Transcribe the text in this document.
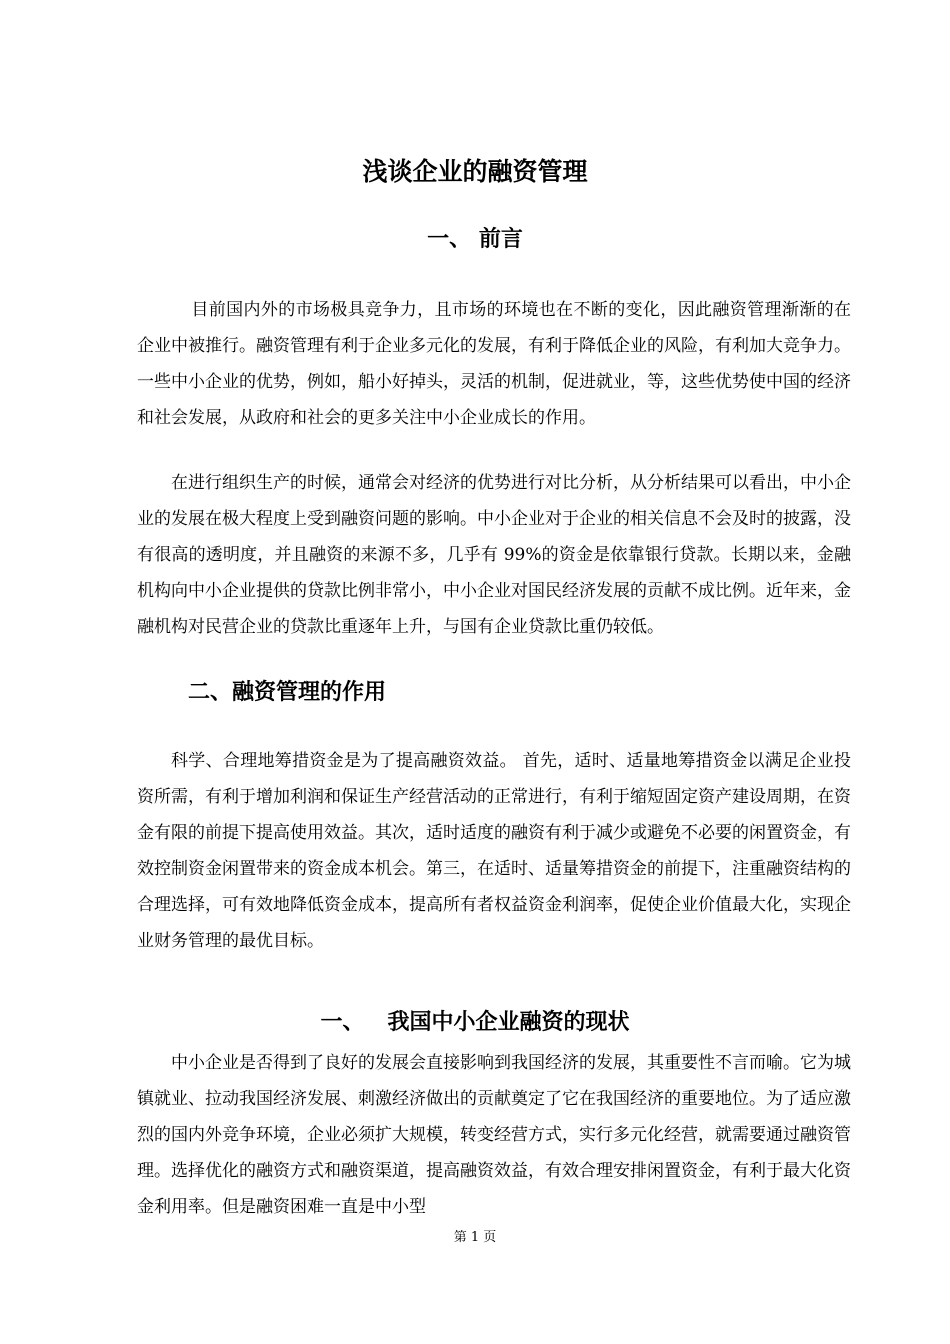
浅谈企业的融资管理
一、 前言

目前国内外的市场极具竞争力，且市场的环境也在不断的变化，因此融资管理渐渐的在企业中被推行。融资管理有利于企业多元化的发展，有利于降低企业的风险，有利加大竞争力。一些中小企业的优势，例如，船小好掉头，灵活的机制，促进就业，等，这些优势使中国的经济和社会发展，从政府和社会的更多关注中小企业成长的作用。

在进行组织生产的时候，通常会对经济的优势进行对比分析，从分析结果可以看出，中小企业的发展在极大程度上受到融资问题的影响。中小企业对于企业的相关信息不会及时的披露，没有很高的透明度，并且融资的来源不多，几乎有 99%的资金是依靠银行贷款。长期以来，金融机构向中小企业提供的贷款比例非常小，中小企业对国民经济发展的贡献不成比例。近年来，金融机构对民营企业的贷款比重逐年上升，与国有企业贷款比重仍较低。

二、融资管理的作用

科学、合理地筹措资金是为了提高融资效益。 首先，适时、适量地筹措资金以满足企业投资所需，有利于增加利润和保证生产经营活动的正常进行，有利于缩短固定资产建设周期，在资金有限的前提下提高使用效益。其次，适时适度的融资有利于减少或避免不必要的闲置资金，有效控制资金闲置带来的资金成本机会。第三，在适时、适量筹措资金的前提下，注重融资结构的合理选择，可有效地降低资金成本，提高所有者权益资金利润率，促使企业价值最大化，实现企业财务管理的最优目标。

一、   我国中小企业融资的现状

中小企业是否得到了良好的发展会直接影响到我国经济的发展，其重要性不言而喻。它为城镇就业、拉动我国经济发展、刺激经济做出的贡献奠定了它在我国经济的重要地位。为了适应激烈的国内外竞争环境，企业必须扩大规模，转变经营方式，实行多元化经营，就需要通过融资管理。选择优化的融资方式和融资渠道，提高融资效益，有效合理安排闲置资金，有利于最大化资金利用率。但是融资困难一直是中小型

第 1 页
